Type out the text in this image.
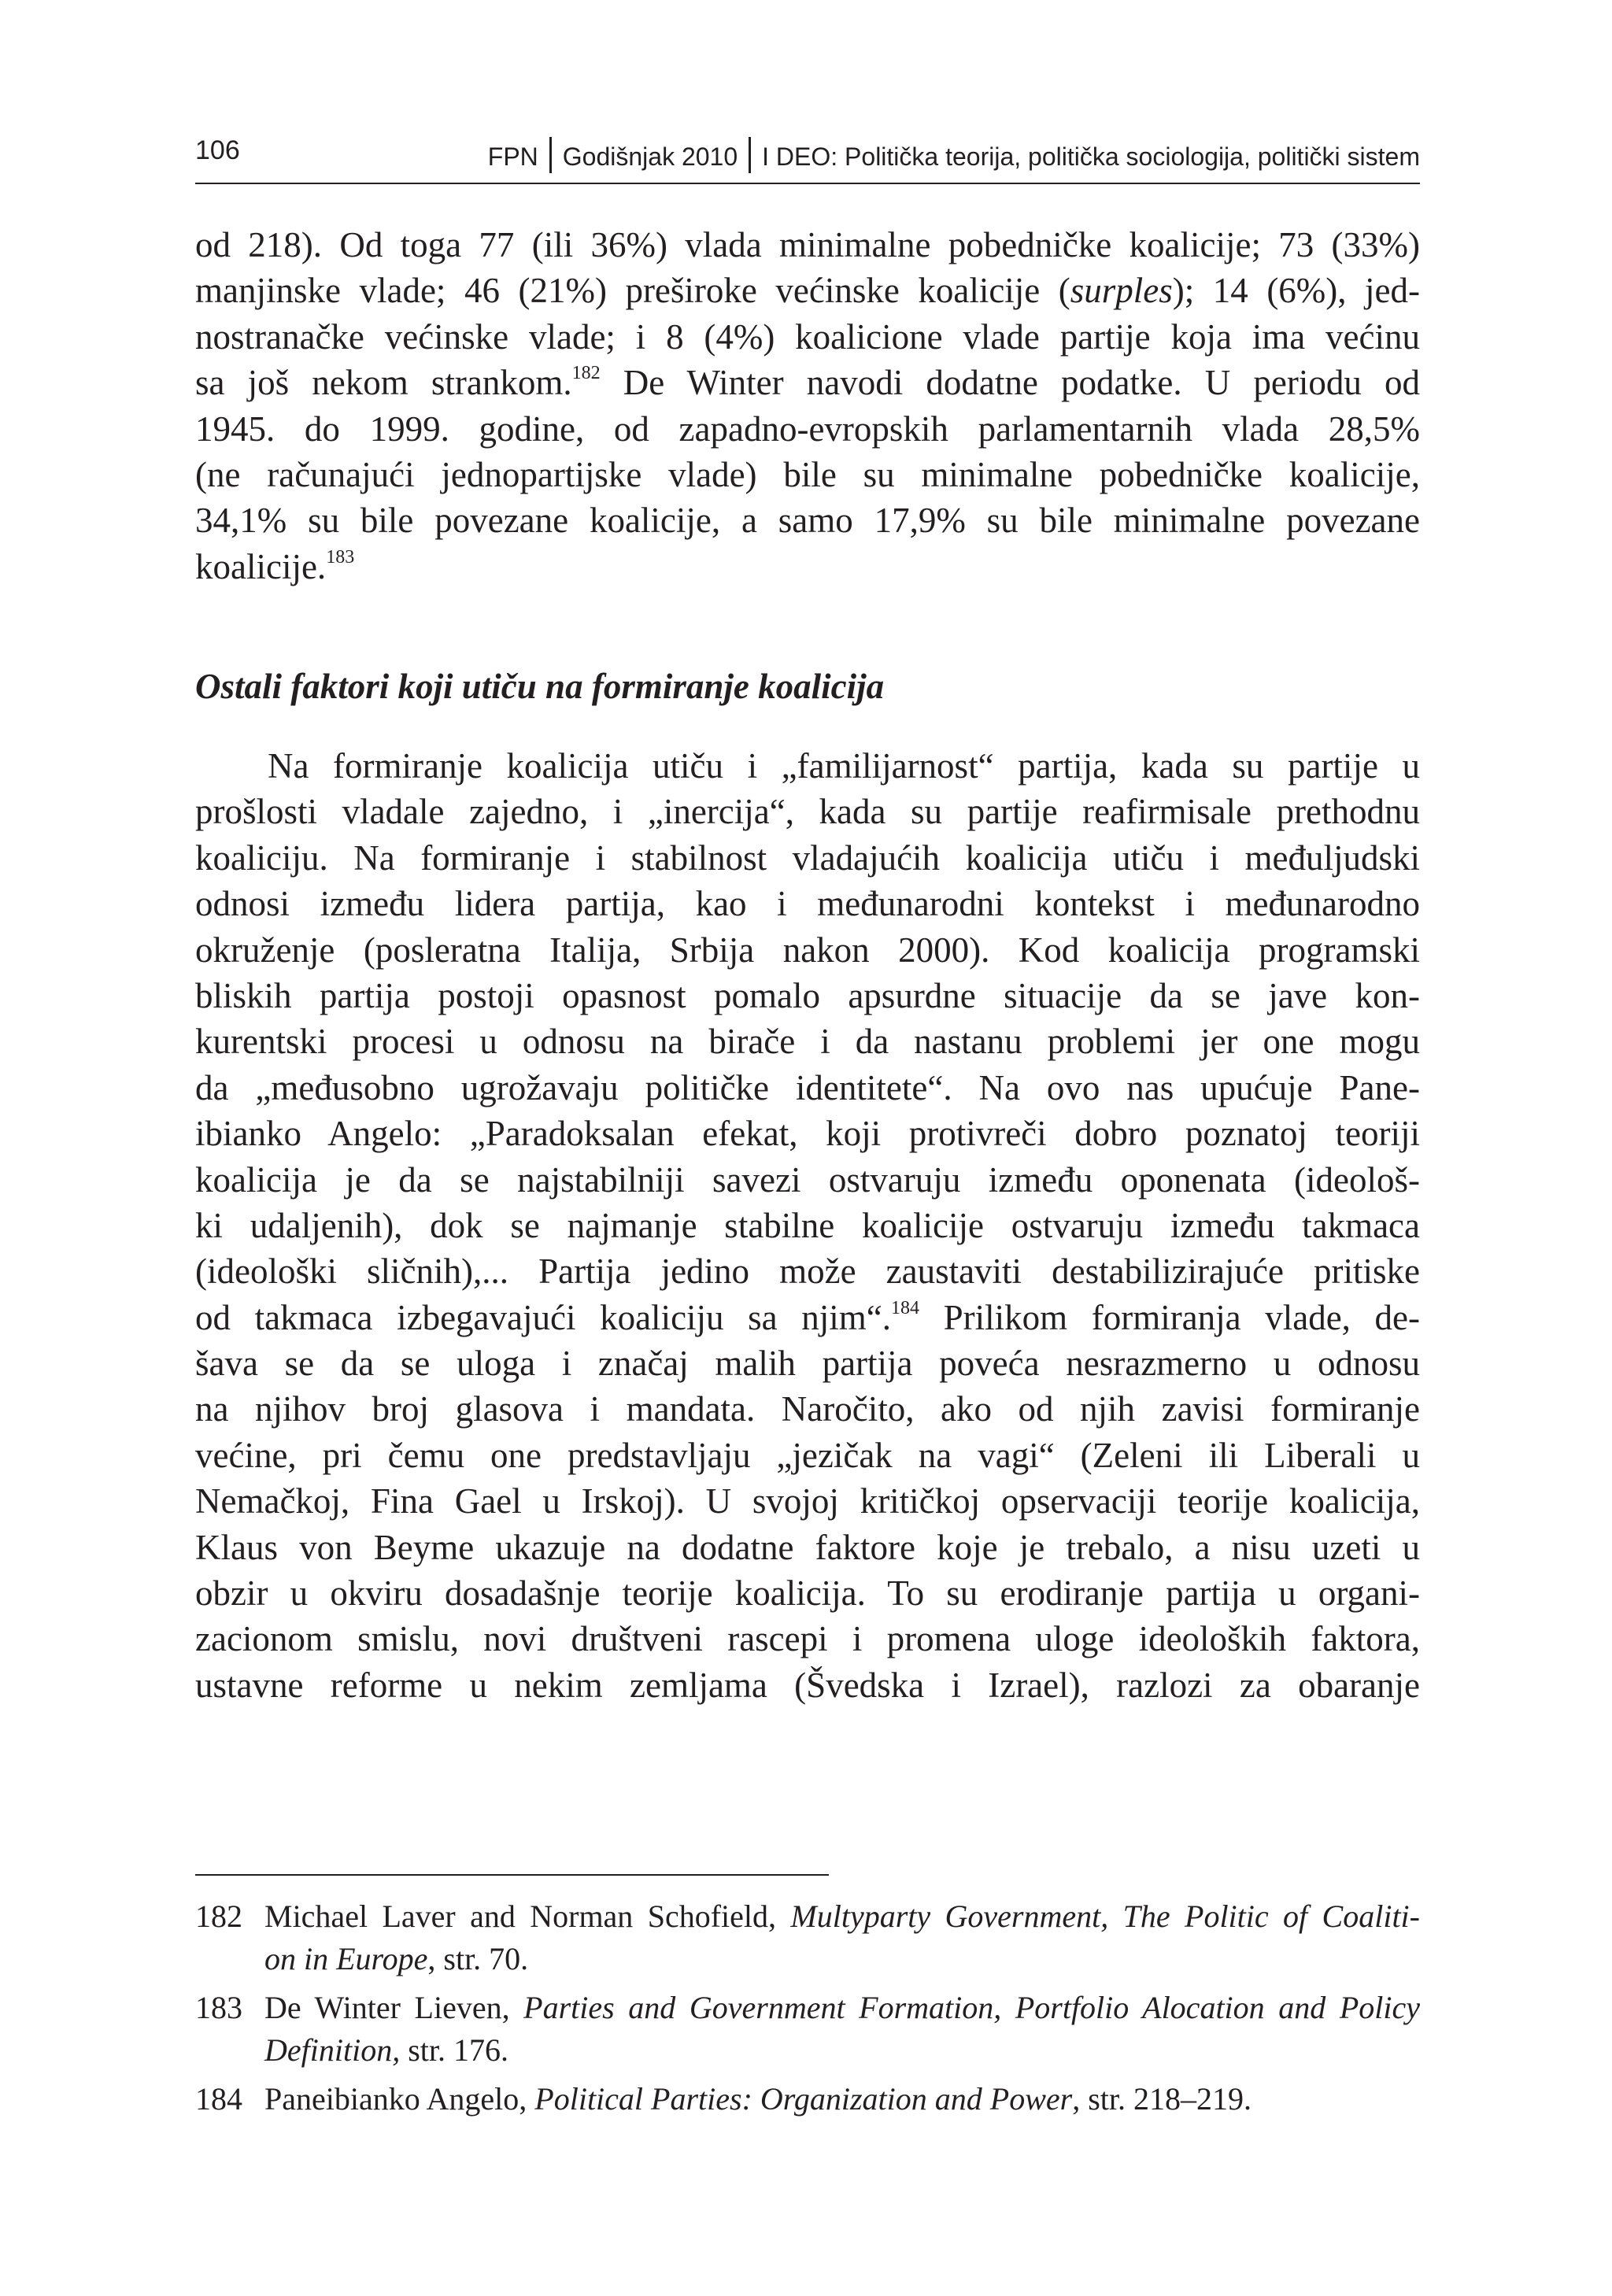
106	FPN Godišnjak 2010 I DEO: Politička teorija, politička sociologija, politički sistem
od 218). Od toga 77 (ili 36%) vlada minimalne pobedničke koalicije; 73 (33%)
manjinske vlade; 46 (21%) preširoke većinske koalicije (surples); 14 (6%), jed-
nostranačke većinske vlade; i 8 (4%) koalicione vlade partije koja ima većinu
sa još nekom strankom.$^{182}$ De Winter navodi dodatne podatke. U periodu od
1945. do 1999. godine, od zapadno-evropskih parlamentarnih vlada 28,5%
(ne računajući jednopartijske vlade) bile su minimalne pobedničke koalicije,
34,1% su bile povezane koalicije, a samo 17,9% su bile minimalne povezane
koalicije.$^{183}$
Ostali faktori koji utiču na formiranje koalicija
Na formiranje koalicija utiču i „familijarnost“ partija, kada su partije u
prošlosti vladale zajedno, i „inercija“, kada su partije reafirmisale prethodnu
koaliciju. Na formiranje i stabilnost vladajućih koalicija utiču i međuljudski
odnosi između lidera partija, kao i međunarodni kontekst i međunarodno
okruženje (posleratna Italija, Srbija nakon 2000). Kod koalicija programski
bliskih partija postoji opasnost pomalo apsurdne situacije da se jave kon-
kurentski procesi u odnosu na birače i da nastanu problemi jer one mogu
da „međusobno ugrožavaju političke identitete“. Na ovo nas upućuje Pane-
ibianko Angelo: „Paradoksalan efekat, koji protivreči dobro poznatoj teoriji
koalicija je da se najstabilniji savezi ostvaruju između oponenata (ideološ-
ki udaljenih), dok se najmanje stabilne koalicije ostvaruju između takmaca
(ideološki sličnih),... Partija jedino može zaustaviti destabilizirajuće pritiske
od takmaca izbegavajući koaliciju sa njim“.$^{184}$ Prilikom formiranja vlade, de-
šava se da se uloga i značaj malih partija poveća nesrazmerno u odnosu
na njihov broj glasova i mandata. Naročito, ako od njih zavisi formiranje
većine, pri čemu one predstavljaju „jezičak na vagi“ (Zeleni ili Liberali u
Nemačkoj, Fina Gael u Irskoj). U svojoj kritičkoj opservaciji teorije koalicija,
Klaus von Beyme ukazuje na dodatne faktore koje je trebalo, a nisu uzeti u
obzir u okviru dosadašnje teorije koalicija. To su erodiranje partija u organi-
zacionom smislu, novi društveni rascepi i promena uloge ideoloških faktora,
ustavne reforme u nekim zemljama (Švedska i Izrael), razlozi za obaranje
182 Michael Laver and Norman Schofield, Multyparty Government, The Politic of Coaliti-
on in Europe, str. 70.
183 De Winter Lieven, Parties and Government Formation, Portfolio Alocation and Policy
Definition, str. 176.
184 Paneibianko Angelo, Political Parties: Organization and Power, str. 218–219.
